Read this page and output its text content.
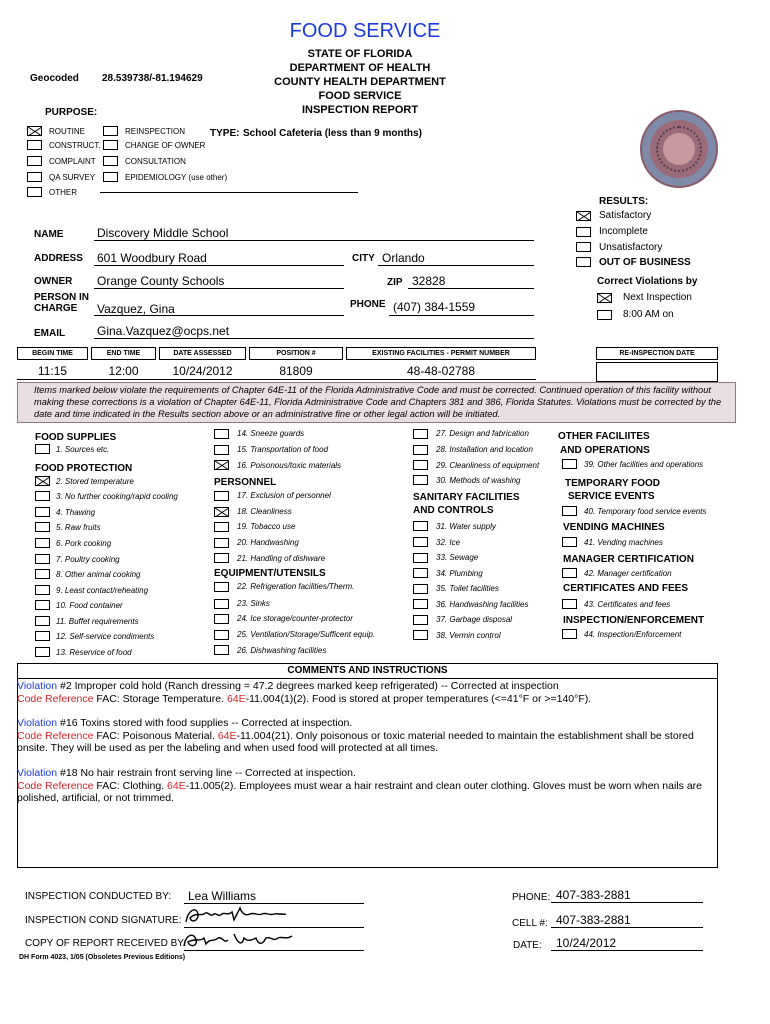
FOOD SERVICE
STATE OF FLORIDA
DEPARTMENT OF HEALTH
COUNTY HEALTH DEPARTMENT
FOOD SERVICE
INSPECTION REPORT
Geocoded 28.539738/-81.194629
PURPOSE:
ROUTINE
CONSTRUCT.
COMPLAINT
QA SURVEY
OTHER
REINSPECTION
CHANGE OF OWNER
CONSULTATION
EPIDEMIOLOGY (use other)
TYPE: School Cafeteria (less than 9 months)
RESULTS:
Satisfactory
Incomplete
Unsatisfactory
OUT OF BUSINESS
Correct Violations by
Next Inspection
8:00 AM on
NAME	Discovery Middle School
ADDRESS 601 Woodbury Road	CITY Orlando
OWNER Orange County Schools	ZIP 32828
PERSON IN
CHARGE	Vazquez, Gina	PHONE (407) 384-1559
EMAIL	Gina.Vazquez@ocps.net
BEGIN TIME	END TIME	DATE ASSESSED	POSITION #	EXISTING FACILITIES - PERMIT NUMBER	RE-INSPECTION DATE
11:15	12:00	10/24/2012	81809	48-48-02788
Items marked below violate the requirements of Chapter 64E-11 of the Florida Administrative Code and must be corrected. Continued operation of this facility without making these corrections is a violation of Chapter 64E-11, Florida Administrative Code and Chapters 381 and 386, Florida Statutes. Violations must be corrected by the date and time indicated in the Results section above or an administrative fine or other legal action will be initiated.
FOOD SUPPLIES
1. Sources etc.
FOOD PROTECTION
2. Stored temperature
3. No further cooking/rapid cooling
4. Thawing
5. Raw fruits
6. Pork cooking
7. Poultry cooking
8. Other animal cooking
9. Least contact/reheating
10. Food container
11. Buffet requirements
12. Self-service condiments
13. Reservice of food
14. Sneeze guards
15. Transportation of food
16. Poisonous/toxic materials
PERSONNEL
17. Exclusion of personnel
18. Cleanliness
19. Tobacco use
20. Handwashing
21. Handling of dishware
EQUIPMENT/UTENSILS
22. Refrigeration facilities/Therm.
23. Sinks
24. Ice storage/counter-protector
25. Ventilation/Storage/Sufficent equip.
26. Dishwashing facilities
27. Design and fabrication
28. Installation and location
29. Cleanliness of equipment
30. Methods of washing
SANITARY FACILITIES
AND CONTROLS
31. Water supply
32. Ice
33. Sewage
34. Plumbing
35. Toilet facilities
36. Handwashing facilities
37. Garbage disposal
38. Vermin control
OTHER FACILIITES
AND OPERATIONS
39. Other facilities and operations
TEMPORARY FOOD
SERVICE EVENTS
40. Temporary food service events
VENDING MACHINES
41. Vending machines
MANAGER CERTIFICATION
42. Manager certification
CERTIFICATES AND FEES
43. Certificates and fees
INSPECTION/ENFORCEMENT
44. Inspection/Enforcement
COMMENTS AND INSTRUCTIONS
Violation #2 Improper cold hold (Ranch dressing = 47.2 degrees marked keep refrigerated) -- Corrected at inspection
Code Reference FAC: Storage Temperature. 64E-11.004(1)(2). Food is stored at proper temperatures (<=41°F or >=140°F).
Violation #16 Toxins stored with food supplies -- Corrected at inspection.
Code Reference FAC: Poisonous Material. 64E-11.004(21). Only poisonous or toxic material needed to maintain the establishment shall be stored onsite. They will be used as per the labeling and when used food will protected at all times.
Violation #18 No hair restrain front serving line -- Corrected at inspection.
Code Reference FAC: Clothing. 64E-11.005(2). Employees must wear a hair restraint and clean outer clothing. Gloves must be worn when nails are polished, artificial, or not trimmed.
INSPECTION CONDUCTED BY: Lea Williams
INSPECTION COND SIGNATURE:
COPY OF REPORT RECEIVED BY:
PHONE: 407-383-2881
CELL #: 407-383-2881
DATE: 10/24/2012
DH Form 4023, 1/05 (Obsoletes Previous Editions)
